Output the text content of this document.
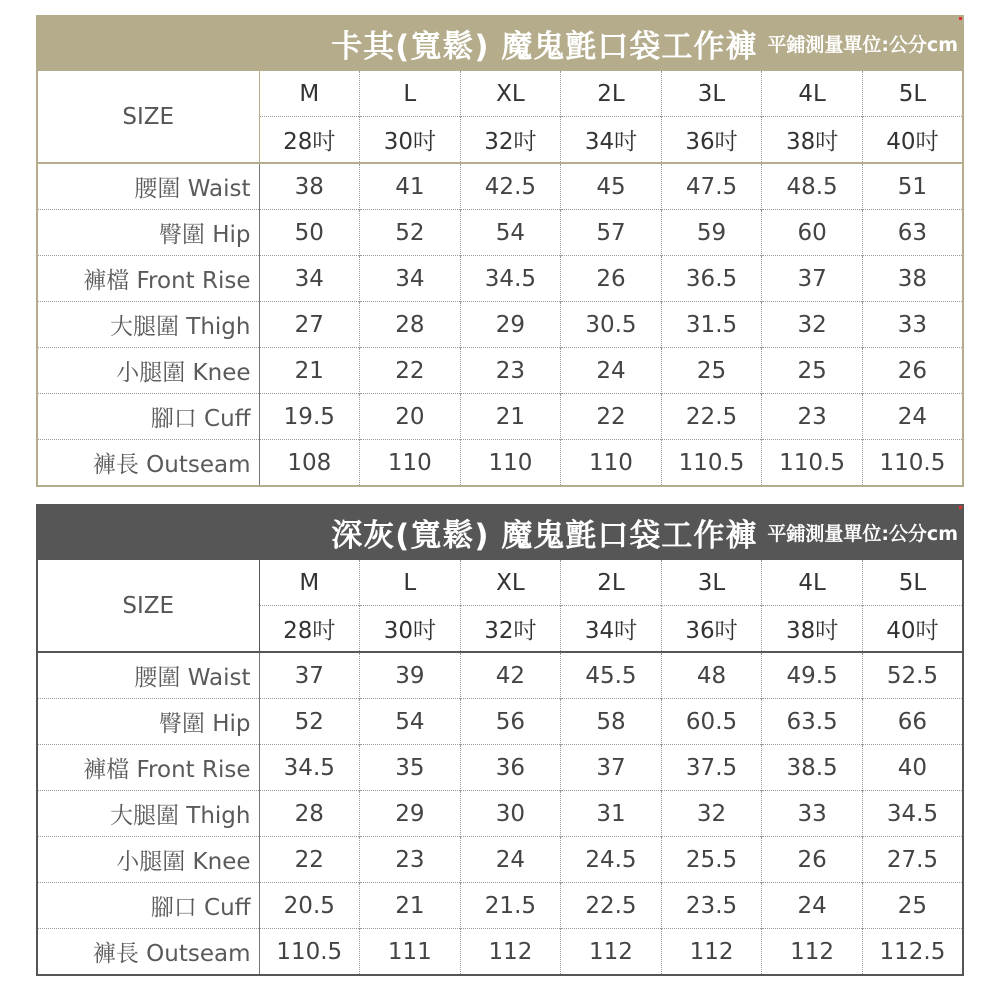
卡其(寬鬆) 魔鬼氈口袋工作褲 平鋪測量單位:公分cm
SIZE	M	L	XL	2L	3L	4L	5L
	28吋	30吋	32吋	34吋	36吋	38吋	40吋
腰圍 Waist	38	41	42.5	45	47.5	48.5	51
臀圍 Hip	50	52	54	57	59	60	63
褲檔 Front Rise	34	34	34.5	26	36.5	37	38
大腿圍 Thigh	27	28	29	30.5	31.5	32	33
小腿圍 Knee	21	22	23	24	25	25	26
腳口 Cuff	19.5	20	21	22	22.5	23	24
褲長 Outseam	108	110	110	110	110.5	110.5	110.5
深灰(寬鬆) 魔鬼氈口袋工作褲 平鋪測量單位:公分cm
SIZE	M	L	XL	2L	3L	4L	5L
	28吋	30吋	32吋	34吋	36吋	38吋	40吋
腰圍 Waist	37	39	42	45.5	48	49.5	52.5
臀圍 Hip	52	54	56	58	60.5	63.5	66
褲檔 Front Rise	34.5	35	36	37	37.5	38.5	40
大腿圍 Thigh	28	29	30	31	32	33	34.5
小腿圍 Knee	22	23	24	24.5	25.5	26	27.5
腳口 Cuff	20.5	21	21.5	22.5	23.5	24	25
褲長 Outseam	110.5	111	112	112	112	112	112.5
